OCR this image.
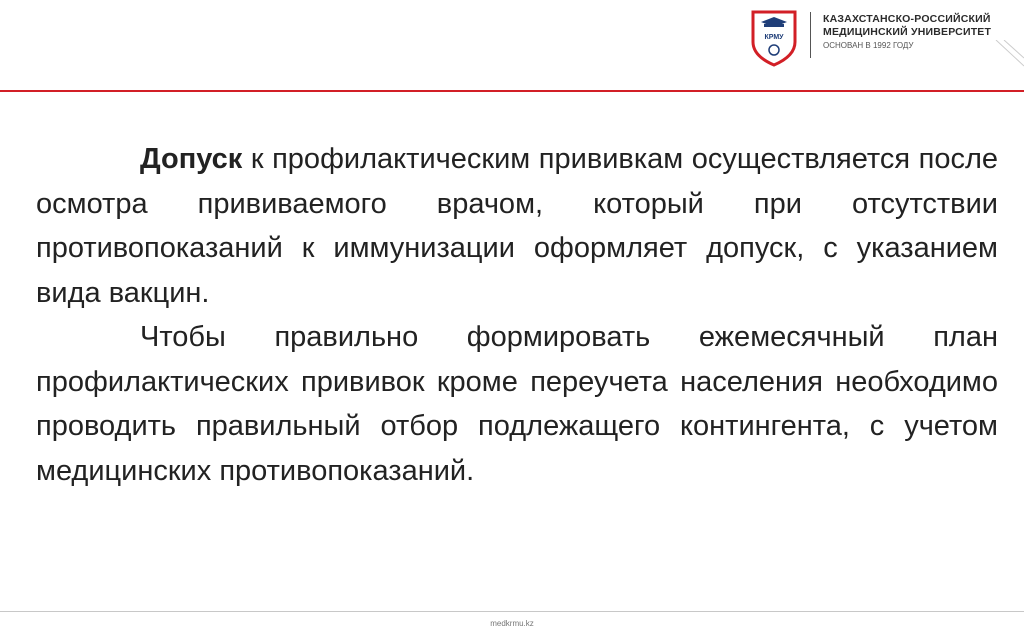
КРМУ
КАЗАХСТАНСКО-РОССИЙСКИЙ
МЕДИЦИНСКИЙ УНИВЕРСИТЕТ
ОСНОВАН В 1992 ГОДУ

Допуск к профилактическим прививкам осуществляется после осмотра прививаемого врачом, который при отсутствии противопоказаний к иммунизации оформляет допуск, с указанием вида вакцин.

Чтобы правильно формировать ежемесячный план профилактических прививок кроме переучета населения необходимо проводить правильный отбор подлежащего контингента, с учетом медицинских противопоказаний.

medkrmu.kz
